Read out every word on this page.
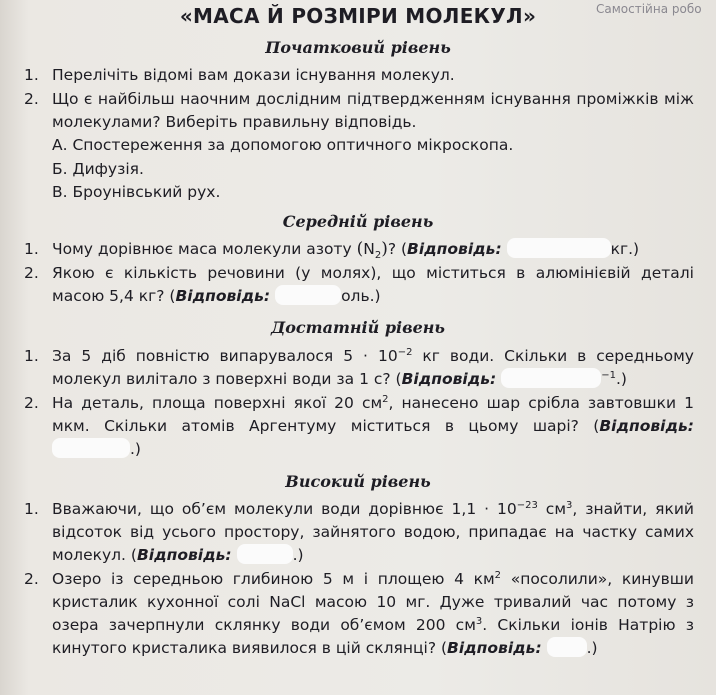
Самостійна робо
«МАСА Й РОЗМІРИ МОЛЕКУЛ»
Початковий рівень
1. Перелічіть відомі вам докази існування молекул.
2. Що є найбільш наочним дослідним підтвердженням існування проміжків між молекулами? Виберіть правильну відповідь.
А. Спостереження за допомогою оптичного мікроскопа.
Б. Дифузія.
В. Броунівський рух.
Середній рівень
1. Чому дорівнює маса молекули азоту $(N_2)$? (Відповідь:	кг.)
2. Якою є кількість речовини (у молях), що міститься в алюмінієвій деталі масою 5,4 кг? (Відповідь:	оль.)
Достатній рівень
1. За 5 діб повністю випарувалося $5 \cdot 10^{-2}$ кг води. Скільки в середньому молекул вилітало з поверхні води за 1 с? (Відповідь:	$^{-1}$.)
2. На деталь, площа поверхні якої 20 $см^2$, нанесено шар срібла завтовшки 1 мкм. Скільки атомів Аргентуму міститься в цьому шарі? (Відповідь: .)
Високий рівень
1. Вважаючи, що об’єм молекули води дорівнює $1,1 \cdot 10^{-23}$ $см^3$, знайти, який відсоток від усього простору, зайнятого водою, припадає на частку самих молекул. (Відповідь:	.)
2. Озеро із середньою глибиною 5 м і площею 4 $км^2$ «посолили», кинувши кристалик кухонної солі NaCl масою 10 мг. Дуже тривалий час потому з озера зачерпнули склянку води об’ємом 200 $см^3$. Скільки іонів Натрію з кинутого кристалика виявилося в цій склянці? (Відповідь:	.)
